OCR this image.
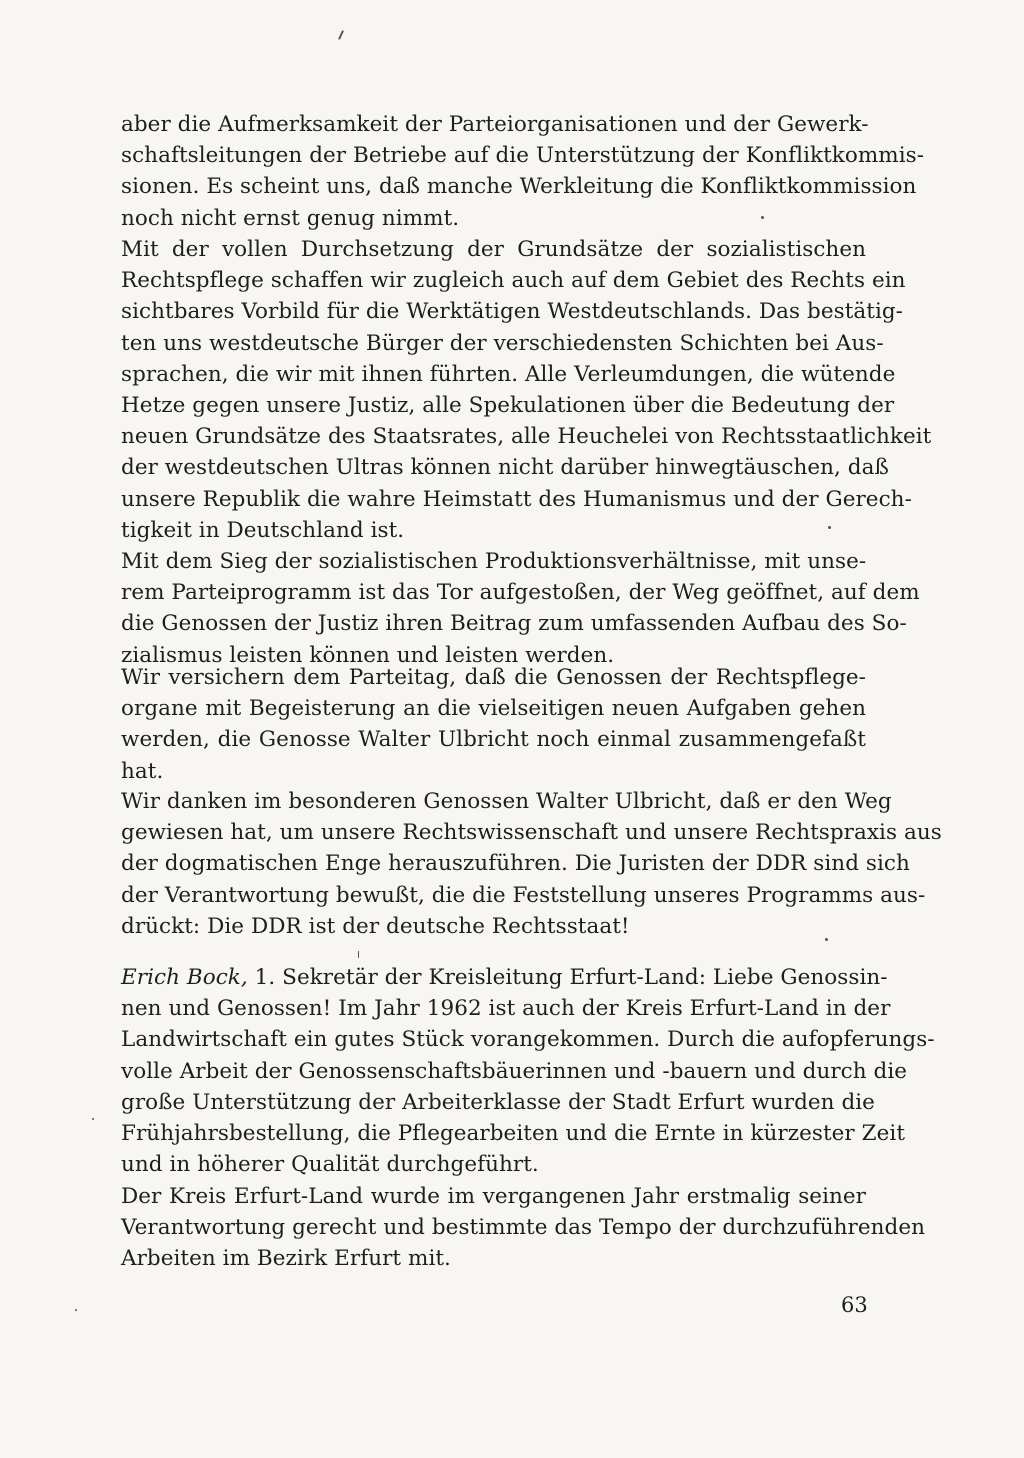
aber die Aufmerksamkeit der Parteiorganisationen und der Gewerk-
schaftsleitungen der Betriebe auf die Unterstützung der Konfliktkommis-
sionen. Es scheint uns, daß manche Werkleitung die Konfliktkommission
noch nicht ernst genug nimmt.
Mit der vollen Durchsetzung der Grundsätze der sozialistischen
Rechtspflege schaffen wir zugleich auch auf dem Gebiet des Rechts ein
sichtbares Vorbild für die Werktätigen Westdeutschlands. Das bestätig-
ten uns westdeutsche Bürger der verschiedensten Schichten bei Aus-
sprachen, die wir mit ihnen führten. Alle Verleumdungen, die wütende
Hetze gegen unsere Justiz, alle Spekulationen über die Bedeutung der
neuen Grundsätze des Staatsrates, alle Heuchelei von Rechtsstaatlichkeit
der westdeutschen Ultras können nicht darüber hinwegtäuschen, daß
unsere Republik die wahre Heimstatt des Humanismus und der Gerech-
tigkeit in Deutschland ist.
Mit dem Sieg der sozialistischen Produktionsverhältnisse, mit unse-
rem Parteiprogramm ist das Tor aufgestoßen, der Weg geöffnet, auf dem
die Genossen der Justiz ihren Beitrag zum umfassenden Aufbau des So-
zialismus leisten können und leisten werden.
Wir versichern dem Parteitag, daß die Genossen der Rechtspflege-
organe mit Begeisterung an die vielseitigen neuen Aufgaben gehen
werden, die Genosse Walter Ulbricht noch einmal zusammengefaßt
hat.
Wir danken im besonderen Genossen Walter Ulbricht, daß er den Weg
gewiesen hat, um unsere Rechtswissenschaft und unsere Rechtspraxis aus
der dogmatischen Enge herauszuführen. Die Juristen der DDR sind sich
der Verantwortung bewußt, die die Feststellung unseres Programms aus-
drückt: Die DDR ist der deutsche Rechtsstaat!
Erich Bock, 1. Sekretär der Kreisleitung Erfurt-Land: Liebe Genossin-
nen und Genossen! Im Jahr 1962 ist auch der Kreis Erfurt-Land in der
Landwirtschaft ein gutes Stück vorangekommen. Durch die aufopferungs-
volle Arbeit der Genossenschaftsbäuerinnen und -bauern und durch die
große Unterstützung der Arbeiterklasse der Stadt Erfurt wurden die
Frühjahrsbestellung, die Pflegearbeiten und die Ernte in kürzester Zeit
und in höherer Qualität durchgeführt.
Der Kreis Erfurt-Land wurde im vergangenen Jahr erstmalig seiner
Verantwortung gerecht und bestimmte das Tempo der durchzuführenden
Arbeiten im Bezirk Erfurt mit.
63
